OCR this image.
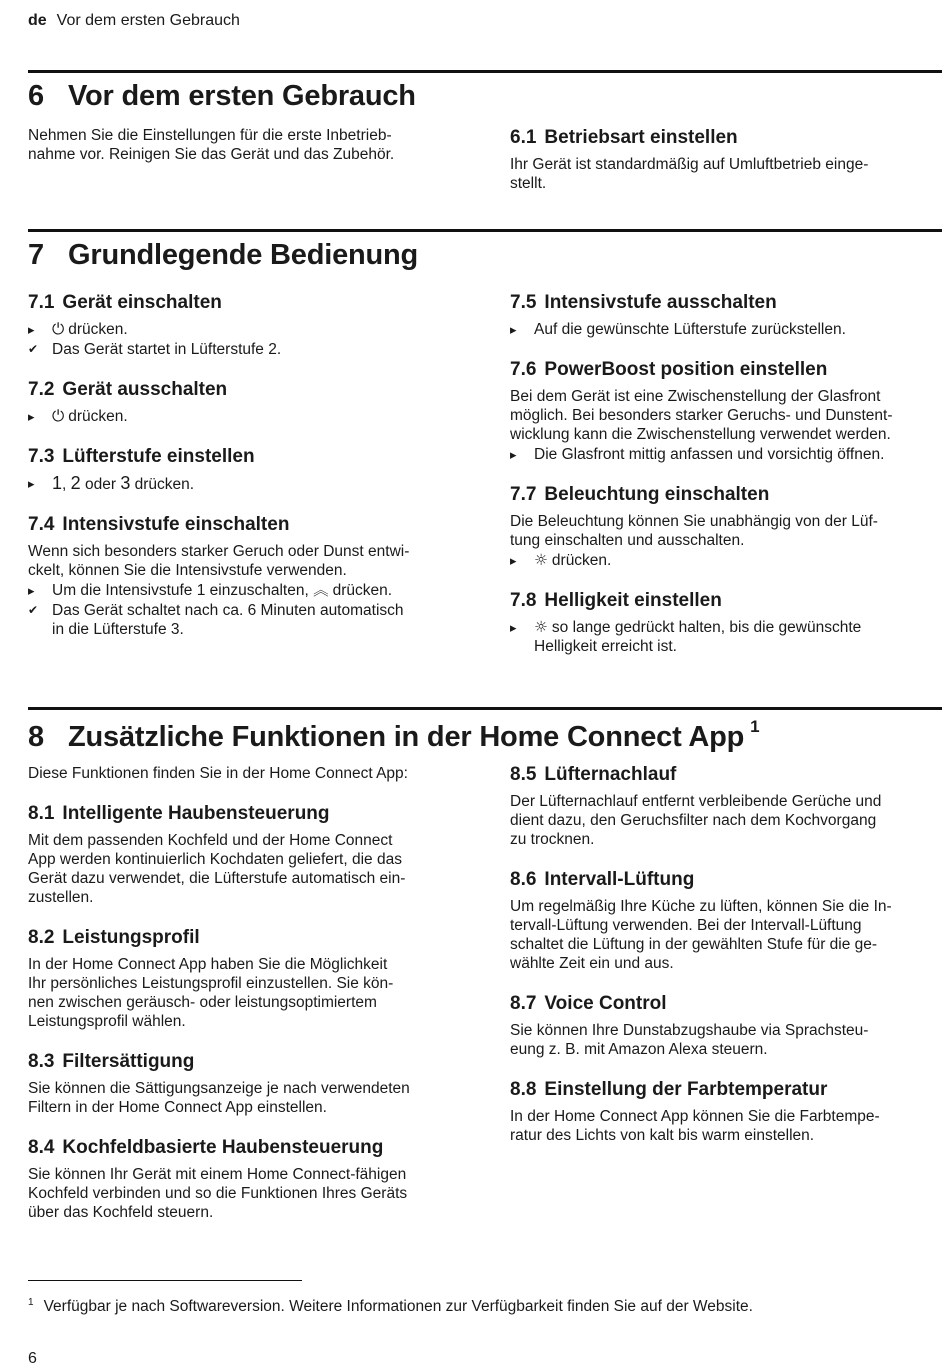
de Vor dem ersten Gebrauch
6 Vor dem ersten Gebrauch

Nehmen Sie die Einstellungen für die erste Inbetrieb-

nahme vor. Reinigen Sie das Gerät und das Zubehör.

6.1 Betriebsart einstellen

Ihr Gerät ist standardmäßig auf Umluftbetrieb einge-

stellt.

7 Grundlegende Bedienung
7.1 Gerät einschalten
▸ ⏻ drücken.
✔ Das Gerät startet in Lüfterstufe 2.
7.2 Gerät ausschalten
▸ ⏻ drücken.
7.3 Lüfterstufe einstellen
▸ 1, 2 oder 3 drücken.
7.4 Intensivstufe einschalten

Wenn sich besonders starker Geruch oder Dunst entwi-

ckelt, können Sie die Intensivstufe verwenden.

▸ Um die Intensivstufe 1 einzuschalten, ︽ drücken.
✔ Das Gerät schaltet nach ca. 6 Minuten automatisch
in die Lüfterstufe 3.
7.5 Intensivstufe ausschalten
▸ Auf die gewünschte Lüfterstufe zurückstellen.
7.6 PowerBoost position einstellen

Bei dem Gerät ist eine Zwischenstellung der Glasfront

möglich. Bei besonders starker Geruchs- und Dunstent-

wicklung kann die Zwischenstellung verwendet werden.

▸ Die Glasfront mittig anfassen und vorsichtig öffnen.
7.7 Beleuchtung einschalten

Die Beleuchtung können Sie unabhängig von der Lüf-

tung einschalten und ausschalten.

▸ ☼ drücken.
7.8 Helligkeit einstellen
▸ ☼ so lange gedrückt halten, bis die gewünschte
Helligkeit erreicht ist.
8 Zusätzliche Funktionen in der Home Connect App $^1$

Diese Funktionen finden Sie in der Home Connect App:

8.1 Intelligente Haubensteuerung

Mit dem passenden Kochfeld und der Home Connect

App werden kontinuierlich Kochdaten geliefert, die das

Gerät dazu verwendet, die Lüfterstufe automatisch ein-

zustellen.

8.2 Leistungsprofil

In der Home Connect App haben Sie die Möglichkeit

Ihr persönliches Leistungsprofil einzustellen. Sie kön-

nen zwischen geräusch- oder leistungsoptimiertem

Leistungsprofil wählen.

8.3 Filtersättigung

Sie können die Sättigungsanzeige je nach verwendeten

Filtern in der Home Connect App einstellen.

8.4 Kochfeldbasierte Haubensteuerung

Sie können Ihr Gerät mit einem Home Connect-fähigen

Kochfeld verbinden und so die Funktionen Ihres Geräts

über das Kochfeld steuern.

8.5 Lüfternachlauf

Der Lüfternachlauf entfernt verbleibende Gerüche und

dient dazu, den Geruchsfilter nach dem Kochvorgang

zu trocknen.

8.6 Intervall-Lüftung

Um regelmäßig Ihre Küche zu lüften, können Sie die In-

tervall-Lüftung verwenden. Bei der Intervall-Lüftung

schaltet die Lüftung in der gewählten Stufe für die ge-

wählte Zeit ein und aus.

8.7 Voice Control

Sie können Ihre Dunstabzugshaube via Sprachsteu-

eung z. B. mit Amazon Alexa steuern.

8.8 Einstellung der Farbtemperatur

In der Home Connect App können Sie die Farbtempe-

ratur des Lichts von kalt bis warm einstellen.

$^1$ Verfügbar je nach Softwareversion. Weitere Informationen zur Verfügbarkeit finden Sie auf der Website.
6
